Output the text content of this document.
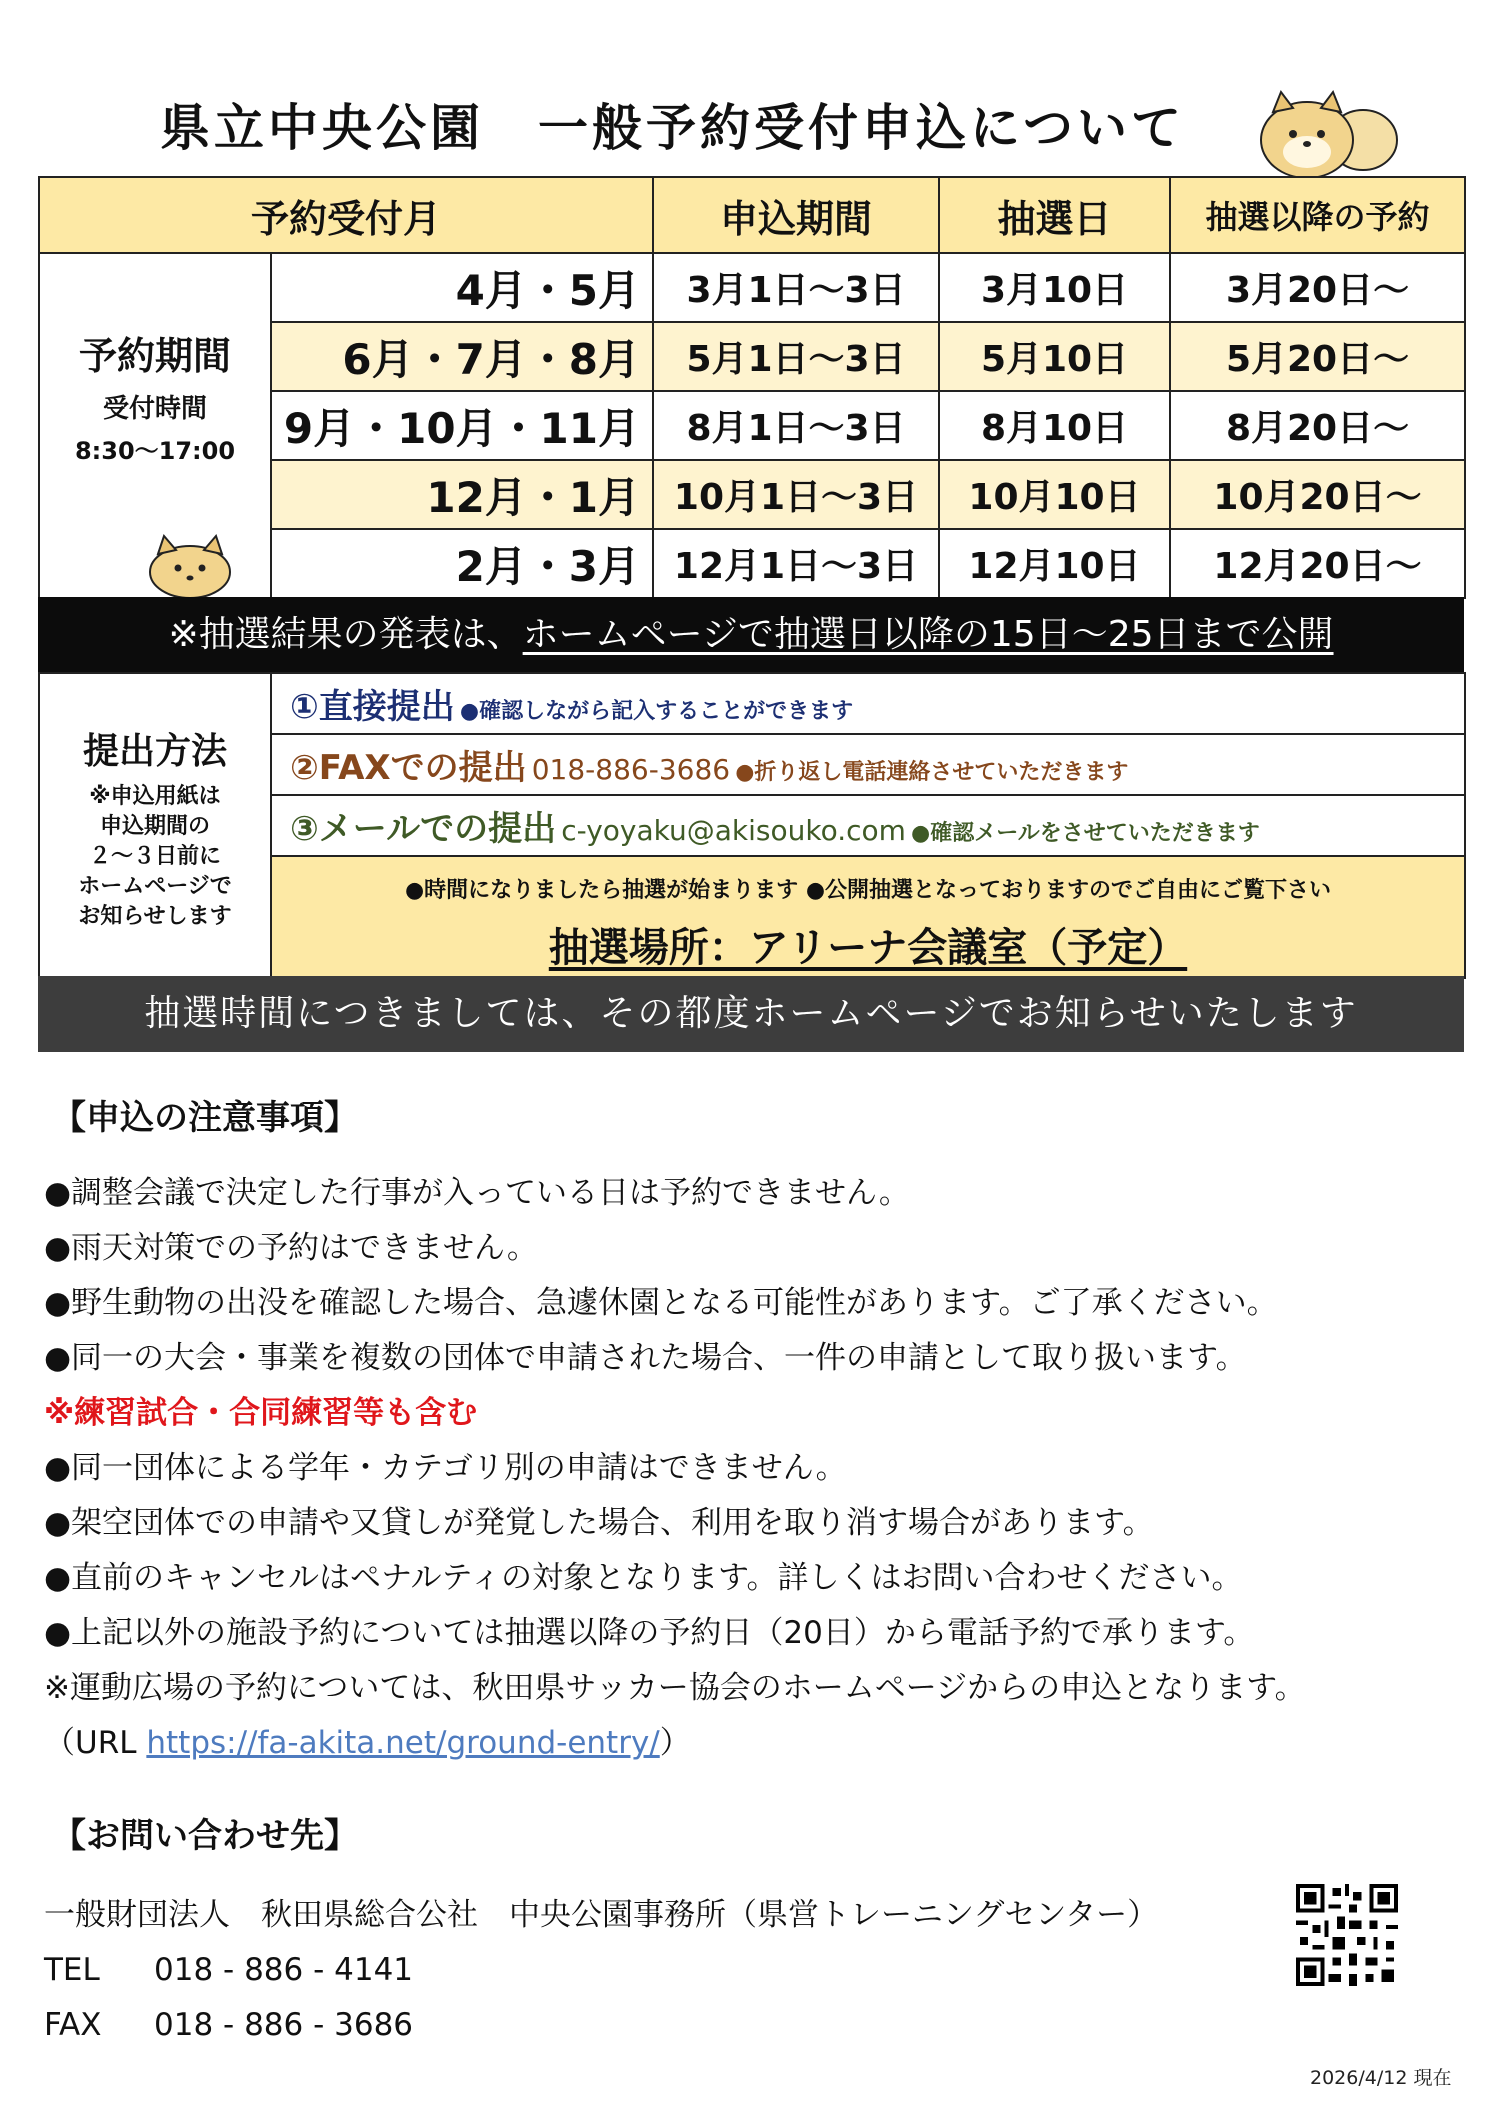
県立中央公園　一般予約受付申込について
予約受付月		申込期間	抽選日	抽選以降の予約

予約期間
受付時間
8:30～17:00	4月・5月	3月1日～3日	3月10日	3月20日～
	6月・7月・8月	5月1日～3日	5月10日	5月20日～
	9月・10月・11月	8月1日～3日	8月10日	8月20日～
	12月・1月	10月1日～3日	10月10日	10月20日～
	2月・3月	12月1日～3日	12月10日	12月20日～
※抽選結果の発表は、ホームページで抽選日以降の15日～25日まで公開
提出方法
※申込用紙は
申込期間の
２～３日前に
ホームページで
お知らせします
	①直接提出 ●確認しながら記入することができます
②FAXでの提出 018-886-3686 ●折り返し電話連絡させていただきます
③メールでの提出 c-yoyaku@akisouko.com ●確認メールをさせていただきます

●時間になりましたら抽選が始まります ●公開抽選となっておりますのでご自由にご覧下さい
抽選場所：アリーナ会議室（予定）
抽選時間につきましては、その都度ホームページでお知らせいたします
【申込の注意事項】
●調整会議で決定した行事が入っている日は予約できません。
●雨天対策での予約はできません。
●野生動物の出没を確認した場合、急遽休園となる可能性があります。ご了承ください。
●同一の大会・事業を複数の団体で申請された場合、一件の申請として取り扱います。
※練習試合・合同練習等も含む
●同一団体による学年・カテゴリ別の申請はできません。
●架空団体での申請や又貸しが発覚した場合、利用を取り消す場合があります。
●直前のキャンセルはペナルティの対象となります。詳しくはお問い合わせください。
●上記以外の施設予約については抽選以降の予約日（20日）から電話予約で承ります。
※運動広場の予約については、秋田県サッカー協会のホームページからの申込となります。
（URL https://fa-akita.net/ground-entry/）
【お問い合わせ先】
一般財団法人　秋田県総合公社　中央公園事務所（県営トレーニングセンター）
TEL 018 - 886 - 4141
FAX 018 - 886 - 3686
2026/4/12 現在
